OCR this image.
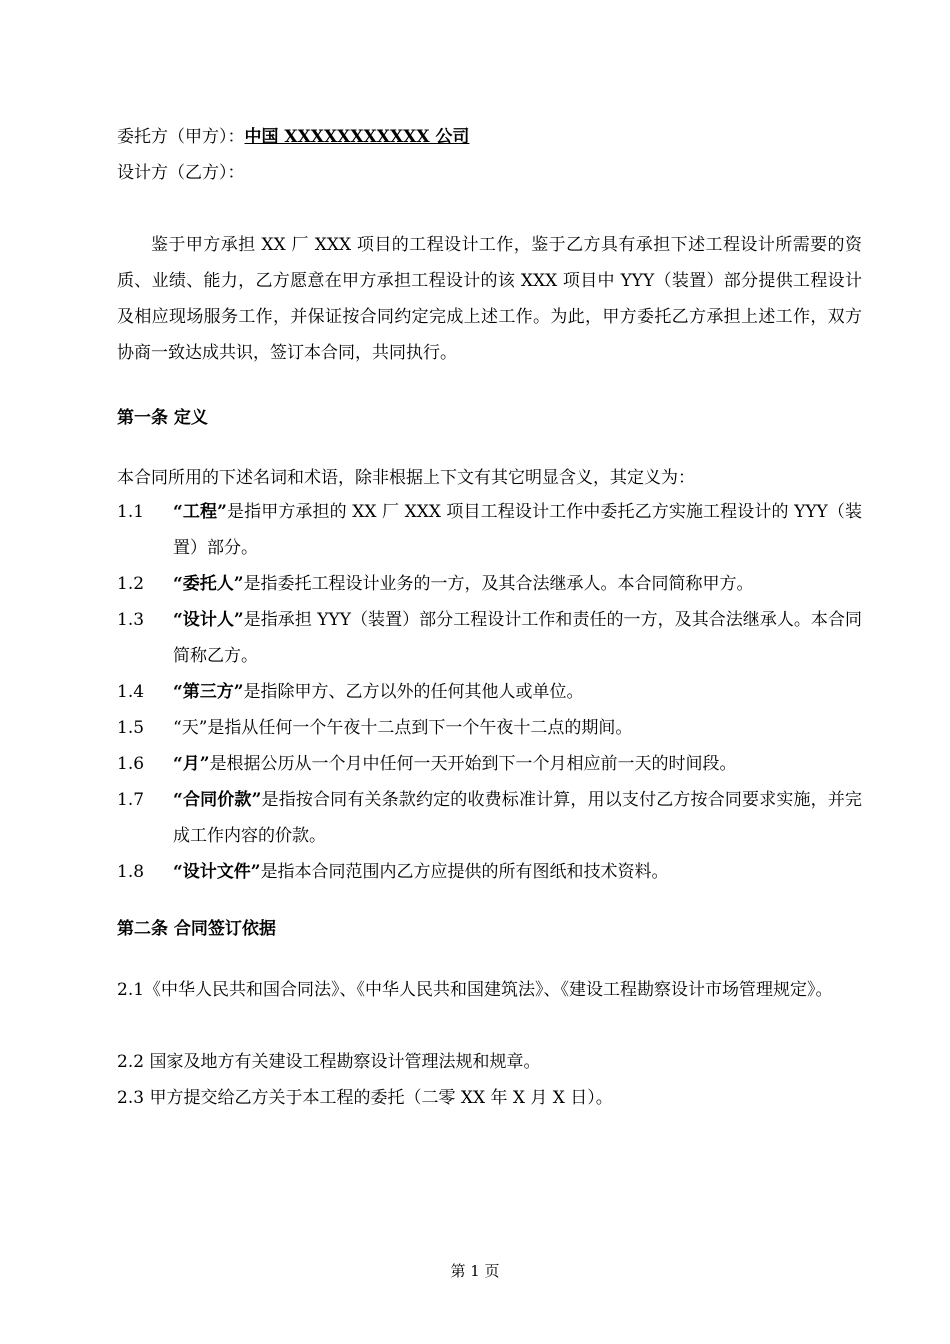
委托方（甲方）：中国 XXXXXXXXXXX 公司
设计方（乙方）：
鉴于甲方承担 XX 厂 XXX 项目的工程设计工作，鉴于乙方具有承担下述工程设计所需要的资质、业绩、能力，乙方愿意在甲方承担工程设计的该 XXX 项目中 YYY（装置）部分提供工程设计及相应现场服务工作，并保证按合同约定完成上述工作。为此，甲方委托乙方承担上述工作，双方协商一致达成共识，签订本合同，共同执行。
第一条 定义
本合同所用的下述名词和术语，除非根据上下文有其它明显含义，其定义为：
1.1	“工程”是指甲方承担的 XX 厂 XXX 项目工程设计工作中委托乙方实施工程设计的 YYY（装置）部分。
1.2	“委托人”是指委托工程设计业务的一方，及其合法继承人。本合同简称甲方。
1.3	“设计人”是指承担 YYY（装置）部分工程设计工作和责任的一方，及其合法继承人。本合同简称乙方。
1.4	“第三方”是指除甲方、乙方以外的任何其他人或单位。
1.5	“天”是指从任何一个午夜十二点到下一个午夜十二点的期间。
1.6	“月”是根据公历从一个月中任何一天开始到下一个月相应前一天的时间段。
1.7	“合同价款”是指按合同有关条款约定的收费标准计算，用以支付乙方按合同要求实施，并完成工作内容的价款。
1.8	“设计文件”是指本合同范围内乙方应提供的所有图纸和技术资料。
第二条 合同签订依据
2.1《中华人民共和国合同法》、《中华人民共和国建筑法》、《建设工程勘察设计市场管理规定》。
2.2 国家及地方有关建设工程勘察设计管理法规和规章。
2.3 甲方提交给乙方关于本工程的委托（二零 XX 年 X 月 X 日）。
第 1 页
